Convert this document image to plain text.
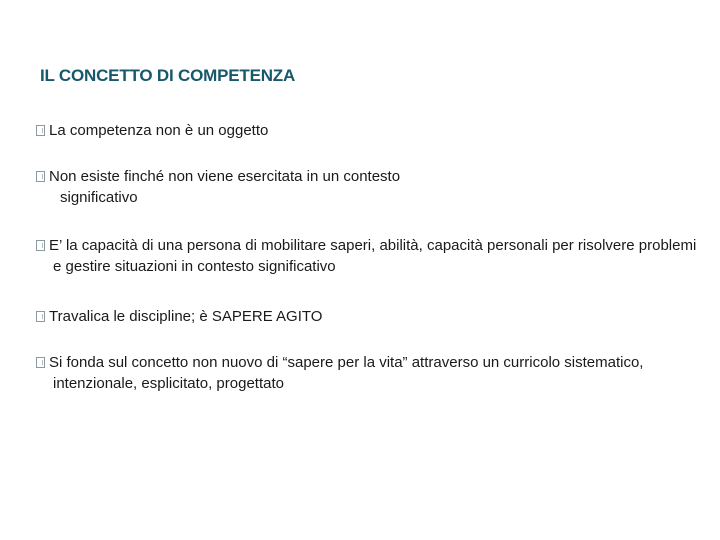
IL CONCETTO DI COMPETENZA
La competenza non è un oggetto
Non esiste finché non viene esercitata in un contesto
significativo
E’ la capacità di una persona di mobilitare saperi, abilità, capacità personali per risolvere problemi
e gestire situazioni in contesto significativo
Travalica le discipline; è SAPERE AGITO
Si fonda sul concetto non nuovo di “sapere per la vita” attraverso un curricolo sistematico,
intenzionale, esplicitato, progettato
